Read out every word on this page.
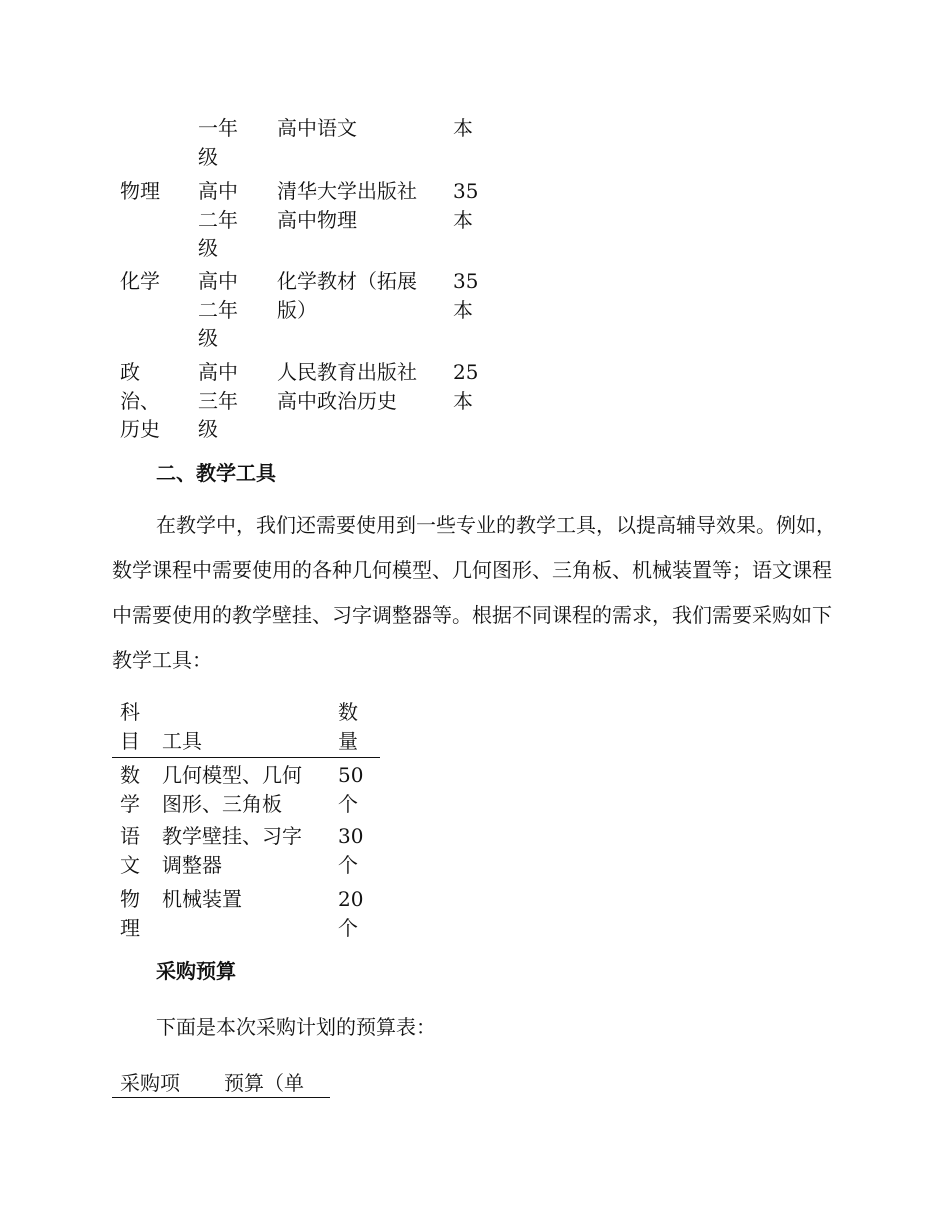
一年
级
高中语文	本
物理 高中
二年
级
清华大学出版社
高中物理
35
本
化学 高中
二年
级
化学教材（拓展
版）
35
本
政
治、
历史
高中
三年
级
人民教育出版社
高中政治历史
25
本
二、教学工具
在教学中，我们还需要使用到一些专业的教学工具，以提高辅导效果。例如，数学课程中需要使用的各种几何模型、几何图形、三角板、机械装置等；语文课程中需要使用的教学壁挂、习字调整器等。根据不同课程的需求，我们需要采购如下教学工具：
科
目 工具
数
量
数
学
几何模型、几何
图形、三角板
50
个
语
文
教学壁挂、习字
调整器
30
个
物
理
机械装置	20
个
采购预算
下面是本次采购计划的预算表：
采购项 预算（单
